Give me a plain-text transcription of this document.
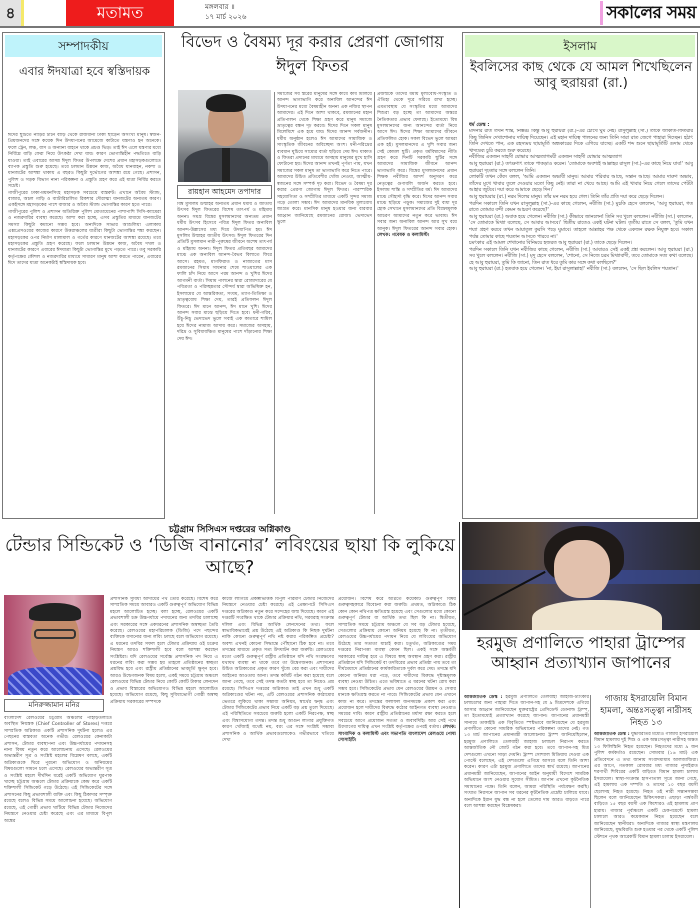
৪	মতামত	মঙ্গলবার ॥
১৭ মার্চ ২০২৬	সকালের সময়
সম্পাদকীয়
এবার ঈদযাত্রা হবে স্বস্তিদায়ক

ঈদের ছুটিতে নাড়ির টানে বাড়ি থেকে রাজধানী ঢাকা ছাড়েন অসংখ্য মানুষ। স্বজন-প্রিয়জনদের সঙ্গে কয়েক দিন উদযাপনের আমেজে কাটাতে যন্ত্রণাও হন অনেকে। ফলে ট্রেন, লঞ্চ, বাস ও অন্যান্য বাহনে থাকে প্রচণ্ড ভিড়। তাই ঈদ এলে যন্ত্রণার মধ্যে নির্বিঘ্নে বাড়ি ফেরা নিয়ে উৎকণ্ঠা দেখা যায়। কারণ ভোগান্তিহীন পদ্ধতিতে বাড়ি যাওয়া। তাই এবারের আসন্ন ঈদুল ফিতর উপলক্ষে দেশের প্রধান মহাসড়কগুলোতে ব্যাপক প্রস্তুতি শুরু হয়েছে। তবে চলমান উন্নয়ন কাজ, অবৈধ যানবাহন, নকশা ও যানজটের আশঙ্কা থাকায় এ বছরও কিছুটা দুর্ভোগের আশঙ্কা রয়ে গেছে। প্রশাসন, পুলিশ ও সড়ক বিভাগ নানা পরিকল্পনা ও প্রস্তুতি গ্রহণ করে এই যাত্রা নির্বিঘ্ন করতে সচেষ্ট।

গাজীপুরের ঢাকা-ময়মনসিংহ মহাসড়ক সবচেয়ে ব্যস্তরুট। এখানে অবৈধ স্ট্যান্ড, বাজার, অচল গাড়ি ও ব্যাটারিচালিত রিকশার দৌরাত্ম্য যানজটের অন্যতম কারণ। একইসঙ্গে মহাসড়কের পাশে বাজার ও অবৈধ স্ট্যান্ড ভোগান্তির কারণ হতে পারে।

গাজীপুরের পুলিশ ও প্রশাসন অতিরিক্ত পুলিশ মোতায়েনের পাশাপাশি সিসি-ক্যামেরা ও নজরদারির ব্যবস্থা করেছে। আশা করা হচ্ছে, এসব প্রস্তুতির মাধ্যমে যানজটের সমস্যা কিছুটা কমানো সম্ভব হবে। অন্যদিকে সাভার আশুলিয়া এলাকায় এক্সপ্রেসওয়ের কাজের কারণে উত্তরাঞ্চলের যাত্রীরা কিছুটা ভোগান্তির শঙ্কা করছেন। মহাসড়কের ওপর নির্মাণ মালামাল ও গর্তের কারণে যানজটের আশঙ্কা রয়েছে। তবে মহাসড়কের প্রস্তুতি গ্রহণ করেছে। ফলে চলমান উন্নয়ন কাজ, অবৈধ দখল ও যানজটের কারণে এবারের ঈদযাত্রা কিছুটা ভোগান্তির মুখে পড়তে পারে। তবু সরকারি কর্তৃপক্ষের কৌশল ও নজরদারির মাধ্যমে সাধারণ মানুষ আশা করতে পারেন, এবারের ঈদে তাদের যাত্রা অনেকটাই স্বস্তিদায়ক হবে।

বিভেদ ও বৈষম্য দূর করার প্রেরণা জোগায় ঈদুল ফিতর
রায়হান আহমেদ তপাদার
বিশ্ব মুসলিম উম্মাহর অন্যতম প্রধান ধর্মীয় ও জাতীয় উৎসব ঈদুল ফিতরের বিশেষ তাৎপর্য ও মহিমায় অনন্য। সমগ্র বিশ্বের মুসলমানদের অন্যতম প্রধান ধর্মীয় উৎসব হিসেবে পবিত্র ঈদুল ফিতর অনাবিল আনন্দ-উল্লাসের মধ্য দিয়ে উদযাপিত হয়। ঈদ মুসলিম উম্মাহর জাতীয় উৎসব। ঈদুল ফিতরের দিন প্রতিটি মুসলমান নারী-পুরুষের জীবনে অশেষ তাৎপর্য ও মহিমায় অনন্য। ঈদুল ফিতর প্রতিবছর আমাদের মাঝে এক অনাবিল আনন্দ-বৈভব বিলাতে ফিরে আসে। রহমত, মাগফিরাত ও নাজাতের মাস রমজানের সিয়াম সাধনার শেষে শাওয়ালের এক ফালি চাঁদ নিয়ে আসে পরম আনন্দ ও খুশির ঈদের আগমনী বার্তা। সিয়াম পালনের দ্বারা রোজাদারের যে পবিত্রতা ও পরিচ্ছন্নতার সৌন্দর্য দ্বারা অভিষিক্ত হন, ইসলামের যে আন্তরিকতা, সংযম, ত্যাগ-তিতিক্ষা ও ভ্রাতৃত্ববোধ শিক্ষা দেয়, তারই প্রতিফলন ঈদুল ফিতরে। ঈদ মানে আনন্দ, ঈদ মানে খুশি। ঈদের আনন্দ সবার মাঝে ছড়িয়ে দিতে হবে। ধনী-গরিব, উঁচু-নিচু ভেদাভেদ ভুলে সবাই এক কাতারে শামিল হয়ে ঈদের নামাজ আদায় করে। সমাজের অসহায়, দরিদ্র ও সুবিধাবঞ্চিত মানুষের পাশে দাঁড়ানোর শিক্ষা দেয় ঈদ।
সমাজের সব স্তরের মানুষের সঙ্গে কাঁধে কাঁধ মিলিয়ে আনন্দ ভাগাভাগি করে অনাবিল আনন্দের ঈদ উদযাপনের মধ্যে বৈষম্যহীন অনন্য এক নজির স্থাপন আমাদের। এই দিনে আশা থাকবে, রমজানের মহান প্রতিপালন থেকে শিক্ষা গ্রহণ করে মানুষ সমাজে ভ্রাতৃত্বের বন্ধন দৃঢ় করবে। ঈদের দিনে সকল মানুষ মিলেমিশে এক হয়ে যায়। ঈদের আনন্দ সর্বজনীন। ধর্মীয় অনুষ্ঠান হলেও ঈদ আমাদের সামাজিক ও সাংস্কৃতিক জীবনের অবিচ্ছেদ্য অংশ। ধনী-দরিদ্রের ব্যবধান ঘুচিয়ে সাম্যের বার্তা ছড়িয়ে দেয় ঈদ। যাকাত ও ফিতরা প্রদানের মাধ্যমে অসহায় মানুষের মুখে হাসি ফোটানো হয়। ঈদের আনন্দ তখনই পূর্ণতা পায়, যখন সমাজের সকল মানুষ তা ভাগাভাগি করে নিতে পারে। আমাদের উচিত প্রতিবেশীর খোঁজ নেওয়া, আত্মীয়-স্বজনের সঙ্গে সম্পর্ক দৃঢ় করা। বিভেদ ও বৈষম্য দূর করার প্রেরণা জোগায় ঈদুল ফিতর। পারস্পরিক সহযোগিতা ও সম্প্রীতির মাধ্যমে একটি সুন্দর সমাজ গড়ে তোলা সম্ভব। ঈদ আমাদের মানবিক মূল্যবোধ জাগ্রত করে। মানসিক মানুষ হওয়ার জন্য বারবার আহ্বান জানিয়েছে রমজানের রোজা। ভেদাভেদ ভুলে
প্রজন্মকে তাদের ধর্মীয় মূল্যবোধ-সংস্কৃতি ও ঐতিহ্য থেকে দূরে সরিয়ে রাখা হচ্ছে। এমতাবস্থায় যে সংস্কৃতির মধ্যে আমাদের শিশুরা বড় হচ্ছে তা আমাদের অন্তরে নৈতিকতার প্রভাব ফেলছে। ইতোমধ্যে বিশ্ব মুসলমানদের জন্য আনন্দের বার্তা নিয়ে আসে ঈদ। ঈদের শিক্ষা আমাদের জীবনে প্রতিফলিত হোক। সকল বিভেদ ভুলে আমরা এক হই। মুসলমানদের এ খুশি সবার জন্য সেই কোমল ছুটি। প্রকৃত ধর্মবিশ্বাসের নীতি গ্রহণ করে দিনটি সরকারি ছুটির সঙ্গে আমাদের সামাজিক জীবনে আনন্দ ভাগাভাগি করে। বিশ্বের মুসলমানদের প্রধান শিক্ষক নবীজির আদর্শ অনুসরণ করে নেতৃত্বের গুণাবলি অর্জন করতে হবে। ইসলাম শান্তি ও সম্প্রীতির ধর্ম। ঈদ আমাদের মাঝে সৌহার্দ্য বৃদ্ধি করে। ঈদের আনন্দ সবার মাঝে ছড়িয়ে পড়ুক। সমাজের দুই বাধা দূর হোক সেখানে মুসলমানদের প্রতি বিদ্বেষমূলক আচরণ আমাদের নতুন করে ভাবায়। ঈদ সবার জন্য অনাবিল আনন্দ আর সুখ বয়ে আনুক। ঈদুল ফিতরের আনন্দ সবার হোক। লেখক: গবেষক ও কলামিস্ট।
ইসলাম
ইবলিসের কাছ থেকে যে আমল শিখেছিলেন আবু হুরায়রা (রা.)
ধর্ম ডেস্ক :

মদিনার রাত তখন শান্ত, নিস্তব্ধ। কিন্তু আবু হুরায়রা (রা.)-এর চোখে ঘুম নেই। রাসুলুল্লাহ (সা.) তাকে জাকাত-ফিতরার কিছু জিনিস দেখাশোনার দায়িত্ব দিয়েছেন। এই মহান দায়িত্ব পালনের জন্য তিনি সারা রাত জেগে পাহারা দিচ্ছেন। হঠাৎ তিনি দেখতে পান, এক রহস্যময় ছায়ামূর্তি অন্ধকারের দিকে এগিয়ে যাচ্ছে। একটি শব্দ শুনে ছায়ামূর্তিটি গুদাম থেকে খাদ্যদ্রব্য চুরি করতে শুরু করেছে।

নবীজির একজন সাহসী যোদ্ধার আত্মত্যাগময়ী একজন সাহসী যোদ্ধার আত্মত্যাগ

আবু হুরায়রা (রা.) তৎক্ষণাৎ তাকে পাকড়াও করেন। 'তোমাকে অবশ্যই আল্লাহর রাসুল (সা.)-এর কাছে নিয়ে যাব!' আবু হুরায়রা দৃঢ়তার সঙ্গে বললেন তিনি।

লোকটি তখন কেঁদে বলল, 'আমি একজন অভাবী মানুষ। আমার পরিবার আছে, সন্তান আছে। আমার দারুণ অভাব, তাঁদের মুখে খাবার তুলে দেওয়ার মতো কিছু নেই। তারা না খেয়ে আছে। আমি এই খাবার নিয়ে গেলে তাদের পেটটা আহার জুটবে। দয়া করে আমাকে ছেড়ে দিন।'

আবু হুরায়রার (রা.) নরম দিলের মানুষ। তাঁর মন নরম হয়ে গেল। তিনি তাঁর প্রতি দয়া করে ছেড়ে দিলেন।

পরদিন সকালে তিনি যখন রাসুলুল্লাহ (সা.)-এর কাছে গেলেন, নবীজি (সা.) মুচকি হেসে বললেন, 'আবু হুরায়রা, গত রাতে তোমার বন্দী কেমন আচরণ করেছে?'

আবু হুরায়রা (রা.) অবাক হয়ে গেলেন। নবীজি (সা.) কীভাবে জানলেন! তিনি সব খুলে বললেন। নবীজি (সা.) বললেন, 'সে তোমাকে মিথ্যা বলেছে, সে আবার আসবে।' দ্বিতীয় রাতেও একই ঘটনা ঘটল। তৃতীয় রাতে সে বলল, 'তুমি যখন শয্যা গ্রহণ করবে তখন আয়াতুল কুরসি পড়ে ঘুমাবে। তাহলে আল্লাহর পক্ষ থেকে একজন রক্ষক নিযুক্ত হবে। সকাল পর্যন্ত তোমার কাছে শয়তান আসতে পারবে না।'

চমৎকার এই আমল শেখানোর বিনিময়ে হজরত আবু হুরায়রা (রা.) তাকে ছেড়ে দিলেন।

পরদিন সকালে তিনি যখন নবীজির কাছে গেলেন, নবীজি (সা.) আবারও সেই একই প্রশ্ন করলেন। আবু হুরায়রা (রা.) সব খুলে বললেন। নবীজি (সা.) মৃদু হেসে বললেন, 'শোনো, সে নিজে চরম মিথ্যাবাদী, তবে তোমাকে সত্য কথা বলেছে। হে আবু হুরায়রা, তুমি কি জানো, তিন রাত ধরে তুমি কার সঙ্গে কথা বলছিলে?'

আবু হুরায়রা (রা.) হতবাক হয়ে গেলেন। 'না, ইয়া রাসুলাল্লাহ!' নবীজি (সা.) বললেন, 'সে ছিল ইবলিস শয়তান।'

চট্টগ্রাম সিসিএস দপ্তরের অগ্নিকাণ্ড
টেন্ডার সিন্ডিকেট ও ‘ডিজি বানানোর’ লবিংয়ের ছায়া কি লুকিয়ে আছে?
মনিরুজ্জামান মনির
বাংলাদেশ রেলওয়ের চট্টগ্রাম অঞ্চলের পাহাড়তলীতে অবস্থিত নিয়ন্ত্রক (Chief Controller of Stores) দপ্তরে সাম্প্রতিক অগ্নিকাণ্ড একটি প্রশাসনিক দুর্ঘটনা হলেও এর পেছনের বাস্তবতা অনেক গভীর। রেলওয়ের কেনাকাটা প্রশাসন, টেন্ডার ব্যবস্থাপনা এবং উচ্চপর্যায়ের পদায়নসহ নানা বিষয় নতুন করে আলোচনায় এসেছে। রেলওয়ের অভ্যন্তরীণ সূত্র ও সংশ্লিষ্ট মহলের বিশ্লেষণ বলছে, একটি অগ্নিকাণ্ডকে ঘিরে পুরনো অভিযোগ ও অনিয়মের বিষয়গুলো সামনে চলে এসেছে। রেলওয়ের অভ্যন্তরীণ সূত্র ও সংশ্লিষ্ট মহলে দীর্ঘদিন ধরেই একটি অভিযোগ ঘুরপাক খাচ্ছে চট্টগ্রাম অঞ্চলে টেন্ডার প্রক্রিয়াকে কেন্দ্র করে একটি শক্তিশালী সিন্ডিকেট গড়ে উঠেছে। এই সিন্ডিকেটের সঙ্গে প্রশাসনের কিছু প্রভাবশালী ব্যক্তি এবং কিছু ঠিকাদার সম্পৃক্ত রয়েছে বলেও বিভিন্ন সময়ে আলোচনা হয়েছে। অভিযোগ রয়েছে, এই গোষ্ঠী প্রভাব খাটিয়ে বিভিন্ন টেন্ডার নিজেদের নিয়ন্ত্রণে নেওয়ার চেষ্টা করেছে এবং এর মাধ্যমে বিপুল অঙ্কের
প্রশাসনিক সুবিধা আদায়ের পথ তৈরি করেছে। বিশেষ করে সাম্প্রতিক সময়ে আবারও একটি গুরুত্বপূর্ণ অভিযোগ বিভিন্ন মহলে আলোচিত হচ্ছে। বলা হচ্ছে, রেলওয়ের একটি প্রভাবশালী চক্র উচ্চপর্যায়ে পদায়নের জন্য তদবির চালাচ্ছে এবং সরকারের সঙ্গে একধরনের প্রশাসনিক অস্বচ্ছতা তৈরি করেছে। রেলওয়ের মহাপরিচালক (ডিজি) পদে পছন্দের ব্যক্তিকে বসানোর জন্য লবিং চলছে বলে অভিযোগ রয়েছে। এ ধরনের তদবির সফল হলে টেন্ডার প্রক্রিয়ায় ওই চক্রের নিয়ন্ত্রণ আরও শক্তিশালী হবে বলে আশঙ্কা করছেন সংশ্লিষ্টরা। যদি রেলওয়ের সর্বোচ্চ প্রশাসনিক পদ নিয়ে এ ধরনের লবিং করা সম্ভব হয় তাহলে প্রতিষ্ঠানের স্বচ্ছতা প্রশ্নবিদ্ধ হবে এবং রাষ্ট্রীয় প্রতিষ্ঠানের ভাবমূর্তি ক্ষুণ্ন হবে। আরও উদ্বেগজনক বিষয় হলো, একই সময়ে চট্টগ্রাম অঞ্চলে রেলওয়ের বিভিন্ন টেন্ডার নিয়ে কোটি কোটি টাকার লেনদেন ও প্রভাব বিস্তারের অভিযোগও বিভিন্ন মহলে আলোচিত হয়েছে। অভিযোগ রয়েছে, কিছু সুবিধাভোগী গোষ্ঠী অস্বচ্ছ প্রক্রিয়ায় সরকারের সম্পদকে
কাজে লাগিয়ে প্রকল্পভিত্তিক বিপুল পরিমাণ টেন্ডার নিজেদের নিয়ন্ত্রণে নেওয়ার চেষ্টা করেছে। এই প্রেক্ষাপটে সিসিএস দপ্তরের অগ্নিকাণ্ড নতুন করে সন্দেহের জন্ম দিয়েছে। কারণ এই দপ্তরটি সংরক্ষিত থাকে টেন্ডার প্রক্রিয়ার নথি, সরবরাহ সংক্রান্ত দলিল এবং বিভিন্ন আর্থিক লেনদেনের তথ্য। ফলে স্বাভাবিকভাবেই প্রশ্ন উঠেছে এই অগ্নিকাণ্ড কি নিছক দুর্ঘটনা নাকি কোনো গুরুত্বপূর্ণ নথি নষ্ট করার পরিকল্পিত প্রচেষ্টা? অবশ্য এখনই কোনো সিদ্ধান্তে পৌঁছানো ঠিক হবে না। তবে তদন্তের মাধ্যমে প্রকৃত সত্য উদঘাটন করা জরুরি। রেলওয়ের মতো একটি গুরুত্বপূর্ণ রাষ্ট্রীয় প্রতিষ্ঠানে যদি নথি সংরক্ষণের যথাযথ ব্যবস্থা না থাকে তবে তা উদ্বেগজনক। প্রশাসনের উচিত অগ্নিকাণ্ডের প্রকৃত কারণ খুঁজে বের করা এবং দায়ীদের আইনের আওতায় আনা। তদন্ত কমিটি গঠন করা হয়েছে বলে জানা গেছে, তবে সেই তদন্ত কতটা স্বচ্ছ হবে তা নিয়েও প্রশ্ন রয়েছে। সিসিএস দপ্তরের অগ্নিকাণ্ড তাই এখন শুধু একটি অগ্নিকাণ্ডের ঘটনা নয়, এটি রেলওয়ের প্রশাসনিক কাঠামোর ভেতরে লুকিয়ে থাকা সম্ভাব্য অনিয়ম, স্বার্থের দ্বন্দ্ব এবং টেন্ডার সিন্ডিকেটের প্রভাব নিয়ে একটি বড় প্রশ্ন তুলে দিয়েছে। এই পরিস্থিতিতে সবচেয়ে জরুরি হলো একটি নিরপেক্ষ, স্বচ্ছ এবং বিশ্বাসযোগ্য তদন্ত। তদন্ত শুধু আগুন লাগার প্রযুক্তিগত কারণ খোঁজাই যথেষ্ট নয়, বরং এর সঙ্গে সংশ্লিষ্ট সম্ভাব্য প্রশাসনিক ও আর্থিক প্রভাবগুলোকেও গভীরভাবে খতিয়ে দেখা
প্রয়োজন। বিশেষ করে অগ্নিতে কয়েকটি গুরুত্বপূর্ণ বিষয় গুরুত্বসহকারে বিবেচনা করা জরুরি। প্রথমত, অগ্নিকাণ্ডে ঠিক কোন কোন নথিপত্র ক্ষতিগ্রস্ত হয়েছে এবং সেগুলোর মধ্যে কোনো গুরুত্বপূর্ণ টেন্ডার বা আর্থিক তথ্য ছিল কি না। দ্বিতীয়ত, সাম্প্রতিক সময়ে চট্টগ্রাম অঞ্চলে যে সব বড় টেন্ডার হয়েছে, সেগুলোর প্রক্রিয়ায় কোনো অনিয়ম হয়েছে কি না। তৃতীয়ত, রেলওয়ের উচ্চপর্যায়ের পদায়ন নিয়ে যে লবিংয়ের অভিযোগ উঠেছে তার সত্যতা যাচাই করা। চতুর্থত, অগ্নিকাণ্ডের সময় দপ্তরের নিরাপত্তা ব্যবস্থা কেমন ছিল। একই সঙ্গে অন্তর্বর্তী সরকারের দায়িত্ব হবে এ বিষয়ে স্বচ্ছ অবস্থান গ্রহণ করা। রাষ্ট্রীয় প্রতিষ্ঠানে যদি সিন্ডিকেট বা তদবিরের প্রভাব প্রতিষ্ঠা পায় তবে তা দীর্ঘমেয়াদে প্রতিষ্ঠানের কার্যকারিতাকে দুর্বল করে দেয়। তদন্তে যদি কোনো অনিয়ম ধরা পড়ে, তবে দায়ীদের বিরুদ্ধে দৃষ্টান্তমূলক ব্যবস্থা নেওয়া উচিত। এতে ভবিষ্যতে এ ধরনের ঘটনা রোধ করা সম্ভব হবে। সিন্ডিকেটের প্রভাব যেন রেলওয়ের উন্নয়ন ও সেবার মানকে ক্ষতিগ্রস্ত করতে না পারে। সিন্ডিকেটের প্রভাব যেন এখানে কাজ না করে। তদন্তের ফলাফল জনসমক্ষে প্রকাশ করা এবং প্রয়োজন হলে দায়ীদের বিরুদ্ধে কঠোর আইনগত ব্যবস্থা নেওয়াও সময়ের দাবি। কারণ রাষ্ট্রীয় প্রতিষ্ঠানের মর্যাদা রক্ষা করতে হলে সবচেয়ে আগে প্রয়োজন সততা ও জবাবদিহি। আর সেই পথে উদ্যোগের দায়িত্ব এখন সংশ্লিষ্ট কর্তৃপক্ষের ওপরই বর্তায়। লেখক: সাংবাদিক ও কলামিস্ট এবং সভাপতি বাংলাদেশ রেলওয়ে পোষ্য সোসাইটি।
হরমুজ প্রণালিতে পাহারা ট্রাম্পের আহ্বান প্রত্যাখ্যান জাপানের
আন্তর্জাতিক ডেস্ক : হরমুজ প্রণালিতে তেলবাহী জাহাজ-ট্যাংকার চলাচলের জন্য পাহারা দিতে জাপান-সহ যে ৯ মিত্রদেশকে এগিয়ে আসার আহ্বান জানিয়েছেন যুক্তরাষ্ট্রের প্রেসিডেন্ট ডোনাল্ড ট্রাম্প, তা ইতোমধ্যেই প্রত্যাখ্যান করেছে জাপান। জাপানের প্রধানমন্ত্রী সানায়ে তাকাইচি এক বিবৃতিতে স্পষ্টভাবে জানিয়েছেন যে হরমুজ প্রণালীতে কোনো সামরিক অভিযানের পরিকল্পনা তাদের নেই। গত ১৩ মার্চ জাপানের প্রধানমন্ত্রী আলোচনায় ট্রাম্প জানিয়েছিলেন, হরমুজ প্রণালিতে তেলবাহী জাহাজ চলাচল নিরাপদ করতে আন্তর্জাতিক নৌ জোট গঠন করা হবে। তবে জাপান-সহ মিত্র দেশগুলো এখনো সাড়া দেয়নি। ট্রাম্প সোশ্যাল মিডিয়ায় দেওয়া এক পোস্টে বলেছেন, এই দেশগুলো এগিয়ে আসবে বলে তিনি আশা করেন। কারণ এটা হরমুজ প্রণালিতে তাদের স্বার্থ রয়েছে। জাপানের প্রধানমন্ত্রী জানিয়েছেন, জাপানের আইন অনুযায়ী বিদেশে সামরিক অভিযানে অংশ নেওয়ার সুযোগ সীমিত। জাপান এখনো কূটনৈতিক সমাধানের পক্ষে। তিনি বলেন, আমরা পরিস্থিতি পর্যবেক্ষণ করছি। সংঘাত নিরসনে জাপান সব ধরনের কূটনৈতিক প্রচেষ্টা চালিয়ে যাবে। অন্যদিকে ইরান যুদ্ধ বন্ধ না হলে তেলের দাম আরও বাড়তে পারে বলে আশঙ্কা করছেন বিশ্লেষকরা।
গাজায় ইসরায়েলি বিমান হামলা, অন্তঃসত্ত্বা নারীসহ নিহত ১৩
আন্তর্জাতিক ডেস্ক : যুদ্ধবিরতির মধ্যেও গাজায় ইসরায়েলি বিমান হামলায় দুই শিশু ও এক অন্তঃসত্ত্বা নারীসহ অন্তত ১৩ ফিলিস্তিনি নিহত হয়েছেন। নিহতদের মধ্যে ৯ জন পুলিশ কর্মকর্তাও রয়েছেন। সোমবার (১৬ মার্চ) এক প্রতিবেদনে এ তথ্য জানায় সংবাদমাধ্যম আলজাজিরা। এর আগে, গতকাল রোববার মধ্য গাজার নুসাইরাত শরণার্থী শিবিরের একটি বাড়িতে বিমান হামলা চালায় ইসরায়েল। স্বাস্থ্য-সংক্রান্ত হাসপাতাল সূত্রে জানা গেছে, এই হামলায় এক দম্পতি ও তাদের ১০ বছর বয়সী ছেলেসহ নিহত হয়েছে। নিহত ওই নারী সন্তানসম্ভবা ছিলেন বলে জানিয়েছেন চিকিৎসকরা। এছাড়া পার্শ্ববর্তী বাড়িতে ১৫ বছর বয়সী এক কিশোরও এই হামলায় প্রাণ হারায়। গাজার পূর্বাঞ্চলে একটি চেকপয়েন্টে হামলা চালালে আরও কয়েকজন নিহত হয়েছেন বলে জানিয়েছেন স্থানীয়রা। অন্যদিকে গাজার স্বাস্থ্য মন্ত্রণালয় জানিয়েছে, যুদ্ধবিরতি শুরু হওয়ার পর থেকে একটি পুলিশ স্টেশনে পৃথক আরেকটি বিমান হামলা চালায় ইসরায়েল।
